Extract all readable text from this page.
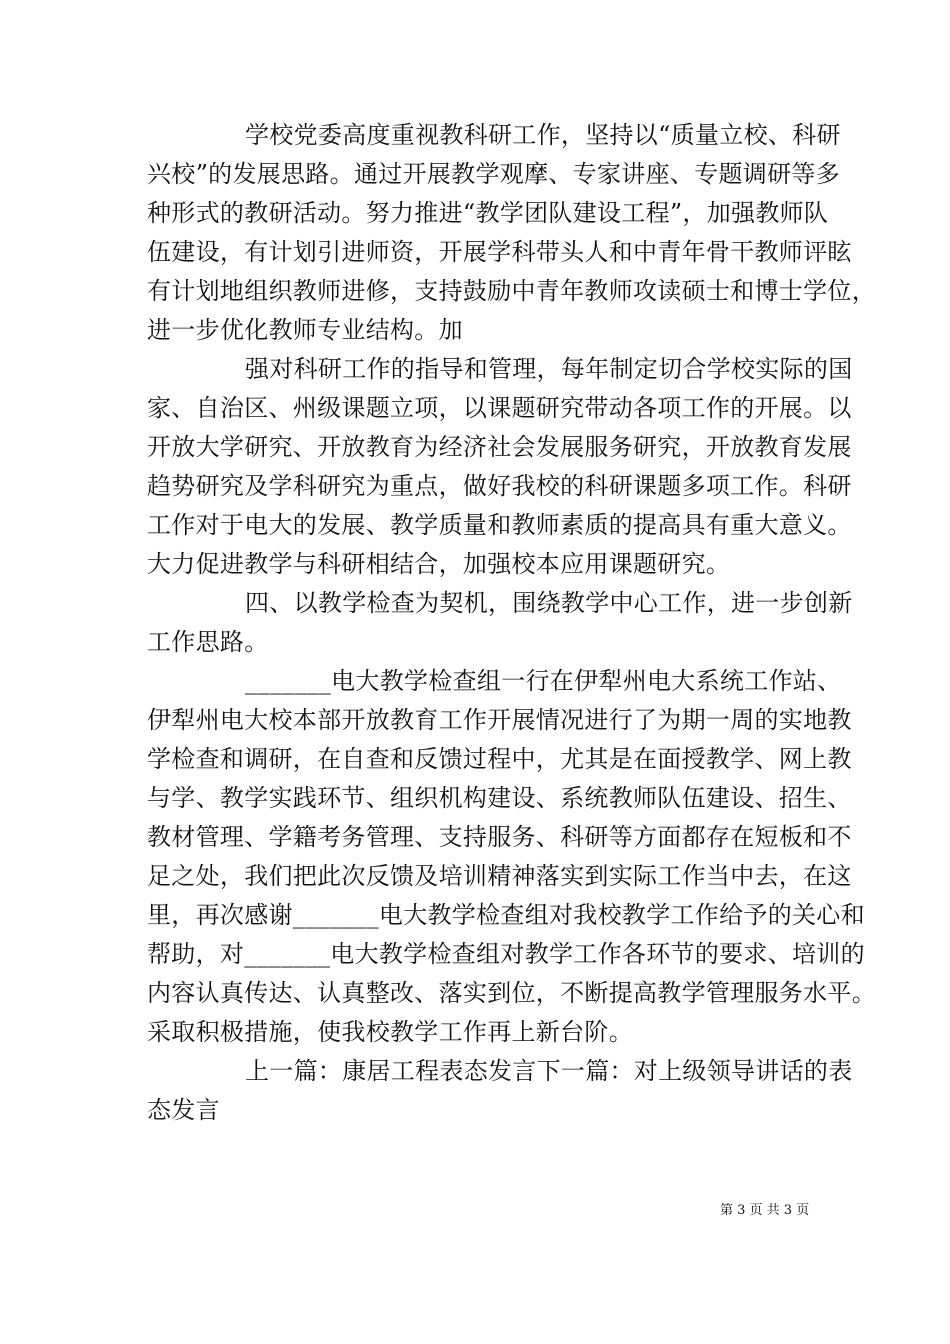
学校党委高度重视教科研工作，坚持以“质量立校、科研
兴校”的发展思路。通过开展教学观摩、专家讲座、专题调研等多
种形式的教研活动。努力推进“教学团队建设工程”，加强教师队
伍建设，有计划引进师资，开展学科带头人和中青年骨干教师评眩
有计划地组织教师进修，支持鼓励中青年教师攻读硕士和博士学位，
进一步优化教师专业结构。加
强对科研工作的指导和管理，每年制定切合学校实际的国
家、自治区、州级课题立项，以课题研究带动各项工作的开展。以
开放大学研究、开放教育为经济社会发展服务研究，开放教育发展
趋势研究及学科研究为重点，做好我校的科研课题多项工作。科研
工作对于电大的发展、教学质量和教师素质的提高具有重大意义。
大力促进教学与科研相结合，加强校本应用课题研究。
四、以教学检查为契机，围绕教学中心工作，进一步创新
工作思路。
_______电大教学检查组一行在伊犁州电大系统工作站、
伊犁州电大校本部开放教育工作开展情况进行了为期一周的实地教
学检查和调研，在自查和反馈过程中，尤其是在面授教学、网上教
与学、教学实践环节、组织机构建设、系统教师队伍建设、招生、
教材管理、学籍考务管理、支持服务、科研等方面都存在短板和不
足之处，我们把此次反馈及培训精神落实到实际工作当中去，在这
里，再次感谢_______电大教学检查组对我校教学工作给予的关心和
帮助，对_______电大教学检查组对教学工作各环节的要求、培训的
内容认真传达、认真整改、落实到位，不断提高教学管理服务水平。
采取积极措施，使我校教学工作再上新台阶。
上一篇：康居工程表态发言下一篇：对上级领导讲话的表
态发言
第 3 页 共 3 页
